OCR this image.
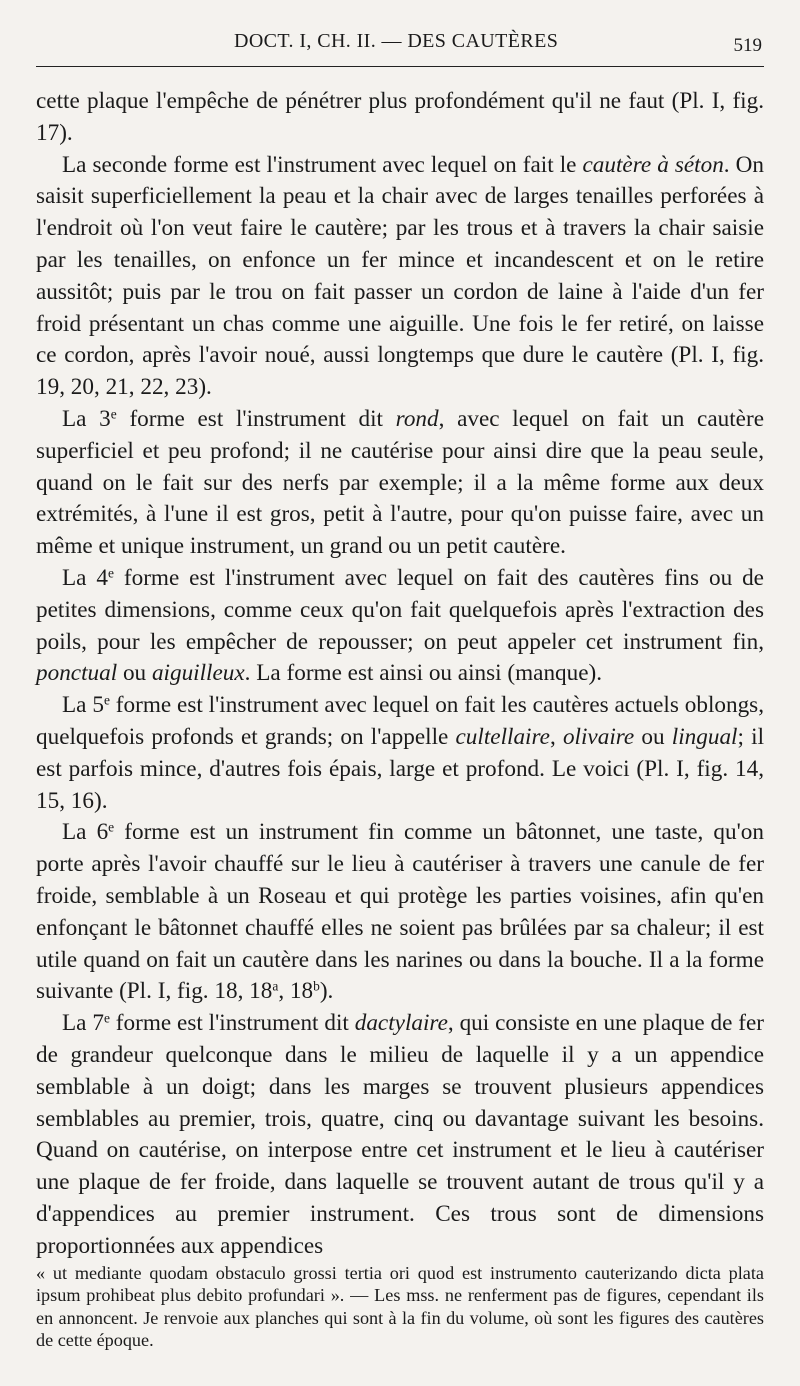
DOCT. I, CH. II. — DES CAUTÈRES	519

cette plaque l'empêche de pénétrer plus profondément qu'il ne faut (Pl. I, fig. 17).

La seconde forme est l'instrument avec lequel on fait le cautère à séton. On saisit superficiellement la peau et la chair avec de larges tenailles perforées à l'endroit où l'on veut faire le cautère; par les trous et à travers la chair saisie par les tenailles, on enfonce un fer mince et incandescent et on le retire aussitôt; puis par le trou on fait passer un cordon de laine à l'aide d'un fer froid présentant un chas comme une aiguille. Une fois le fer retiré, on laisse ce cordon, après l'avoir noué, aussi longtemps que dure le cautère (Pl. I, fig. 19, 20, 21, 22, 23).

La 3e forme est l'instrument dit rond, avec lequel on fait un cautère superficiel et peu profond; il ne cautérise pour ainsi dire que la peau seule, quand on le fait sur des nerfs par exemple; il a la même forme aux deux extrémités, à l'une il est gros, petit à l'autre, pour qu'on puisse faire, avec un même et unique instrument, un grand ou un petit cautère.

La 4e forme est l'instrument avec lequel on fait des cautères fins ou de petites dimensions, comme ceux qu'on fait quelquefois après l'extraction des poils, pour les empêcher de repousser; on peut appeler cet instrument fin, ponctual ou aiguilleux. La forme est ainsi ou ainsi (manque).

La 5e forme est l'instrument avec lequel on fait les cautères actuels oblongs, quelquefois profonds et grands; on l'appelle cultellaire, olivaire ou lingual; il est parfois mince, d'autres fois épais, large et profond. Le voici (Pl. I, fig. 14, 15, 16).

La 6e forme est un instrument fin comme un bâtonnet, une taste, qu'on porte après l'avoir chauffé sur le lieu à cautériser à travers une canule de fer froide, semblable à un Roseau et qui protège les parties voisines, afin qu'en enfonçant le bâtonnet chauffé elles ne soient pas brûlées par sa chaleur; il est utile quand on fait un cautère dans les narines ou dans la bouche. Il a la forme suivante (Pl. I, fig. 18, 18$^a$, 18$^b$).

La 7e forme est l'instrument dit dactylaire, qui consiste en une plaque de fer de grandeur quelconque dans le milieu de laquelle il y a un appendice semblable à un doigt; dans les marges se trouvent plusieurs appendices semblables au premier, trois, quatre, cinq ou davantage suivant les besoins. Quand on cautérise, on interpose entre cet instrument et le lieu à cautériser une plaque de fer froide, dans laquelle se trouvent autant de trous qu'il y a d'appendices au premier instrument. Ces trous sont de dimensions proportionnées aux appendices

« ut mediante quodam obstaculo grossi tertia ori quod est instrumento cauterizando dicta plata ipsum prohibeat plus debito profundari ». — Les mss. ne renferment pas de figures, cependant ils en annoncent. Je renvoie aux planches qui sont à la fin du volume, où sont les figures des cautères de cette époque.
